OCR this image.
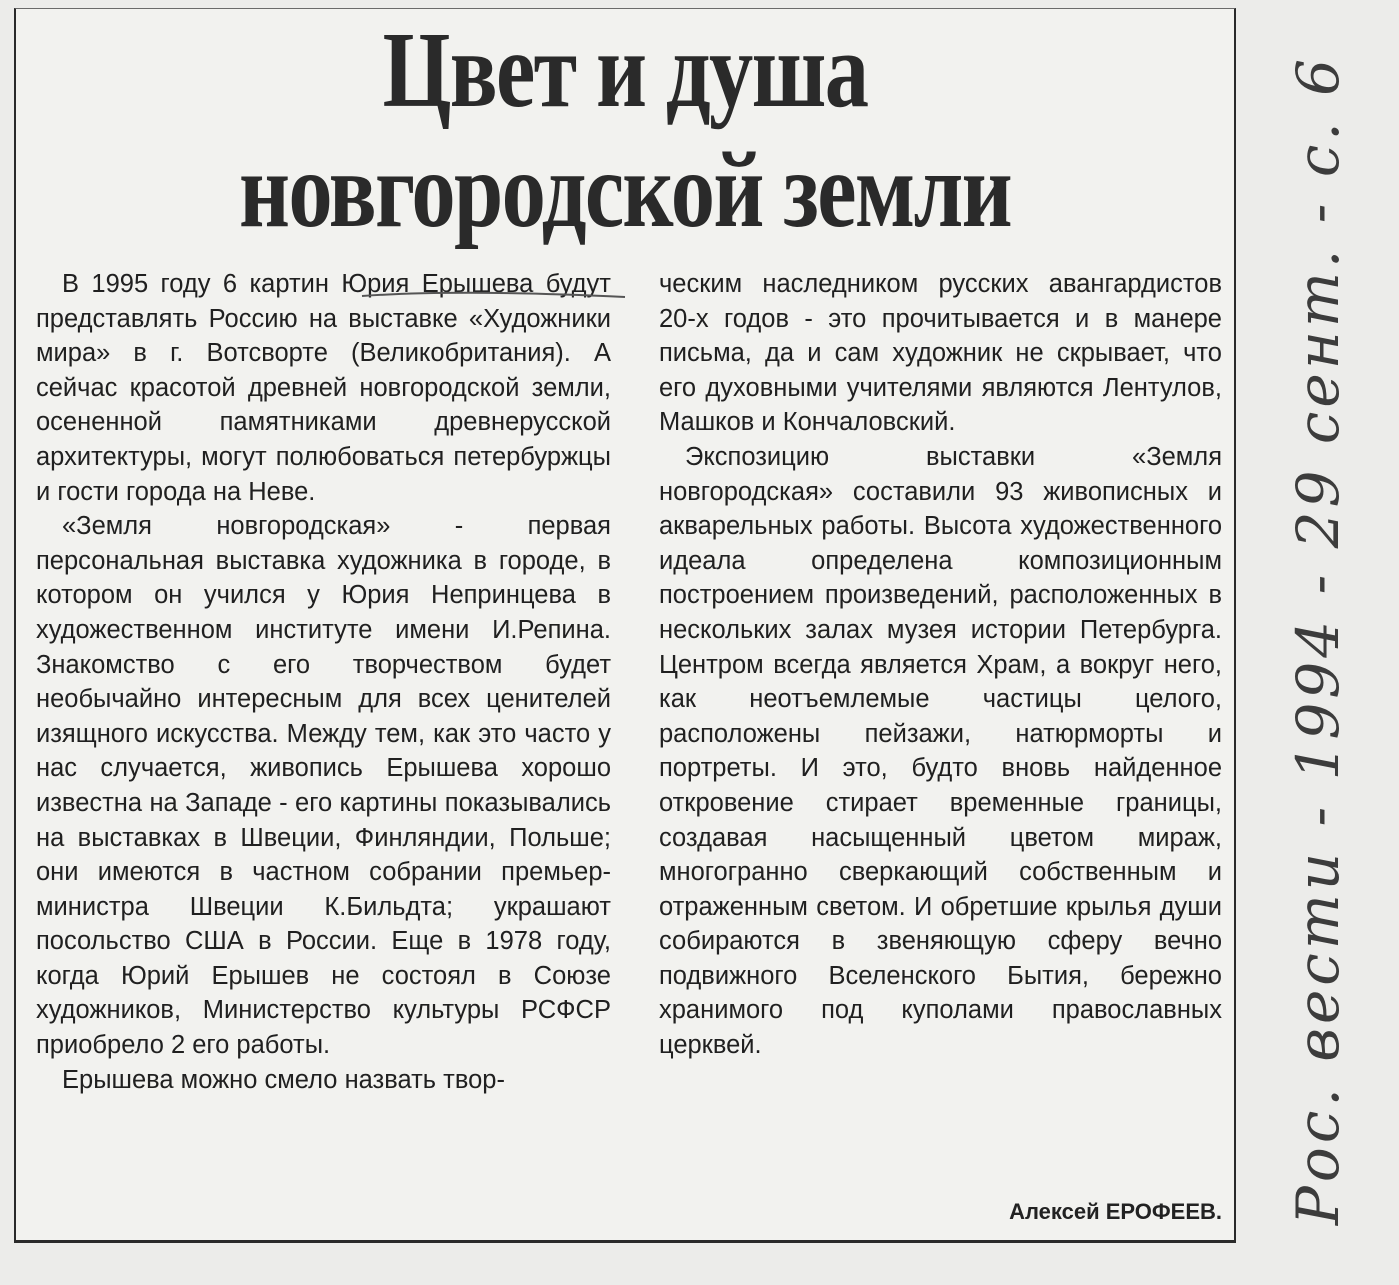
Цвет и душа
новгородской земли

В 1995 году 6 картин Юрия Ерышева будут представлять Россию на выставке «Художники мира» в г. Вотсворте (Великобритания). А сейчас красотой древней новгородской земли, осененной памятниками древнерусской архитектуры, могут полюбоваться петербуржцы и гости города на Неве.

«Земля новгородская» - первая персональная выставка художника в городе, в котором он учился у Юрия Непринцева в художественном институте имени И.Репина. Знакомство с его творчеством будет необычайно интересным для всех ценителей изящного искусства. Между тем, как это часто у нас случается, живопись Ерышева хорошо известна на Западе - его картины показывались на выставках в Швеции, Финляндии, Польше; они имеются в частном собрании премьер-министра Швеции К.Бильдта; украшают посольство США в России. Еще в 1978 году, когда Юрий Ерышев не состоял в Союзе художников, Министерство культуры РСФСР приобрело 2 его работы.

Ерышева можно смело назвать твор-

ческим наследником русских авангардистов 20-х годов - это прочитывается и в манере письма, да и сам художник не скрывает, что его духовными учителями являются Лентулов, Машков и Кончаловский.

Экспозицию выставки «Земля новгородская» составили 93 живописных и акварельных работы. Высота художественного идеала определена композиционным построением произведений, расположенных в нескольких залах музея истории Петербурга. Центром всегда является Храм, а вокруг него, как неотъемлемые частицы целого, расположены пейзажи, натюрморты и портреты. И это, будто вновь найденное откровение стирает временные границы, создавая насыщенный цветом мираж, многогранно сверкающий собственным и отраженным светом. И обретшие крылья души собираются в звеняющую сферу вечно подвижного Вселенского Бытия, бережно хранимого под куполами православных церквей.

Алексей ЕРОФЕЕВ. Рос. вести - 1994 - 29 сент. - с. 6
